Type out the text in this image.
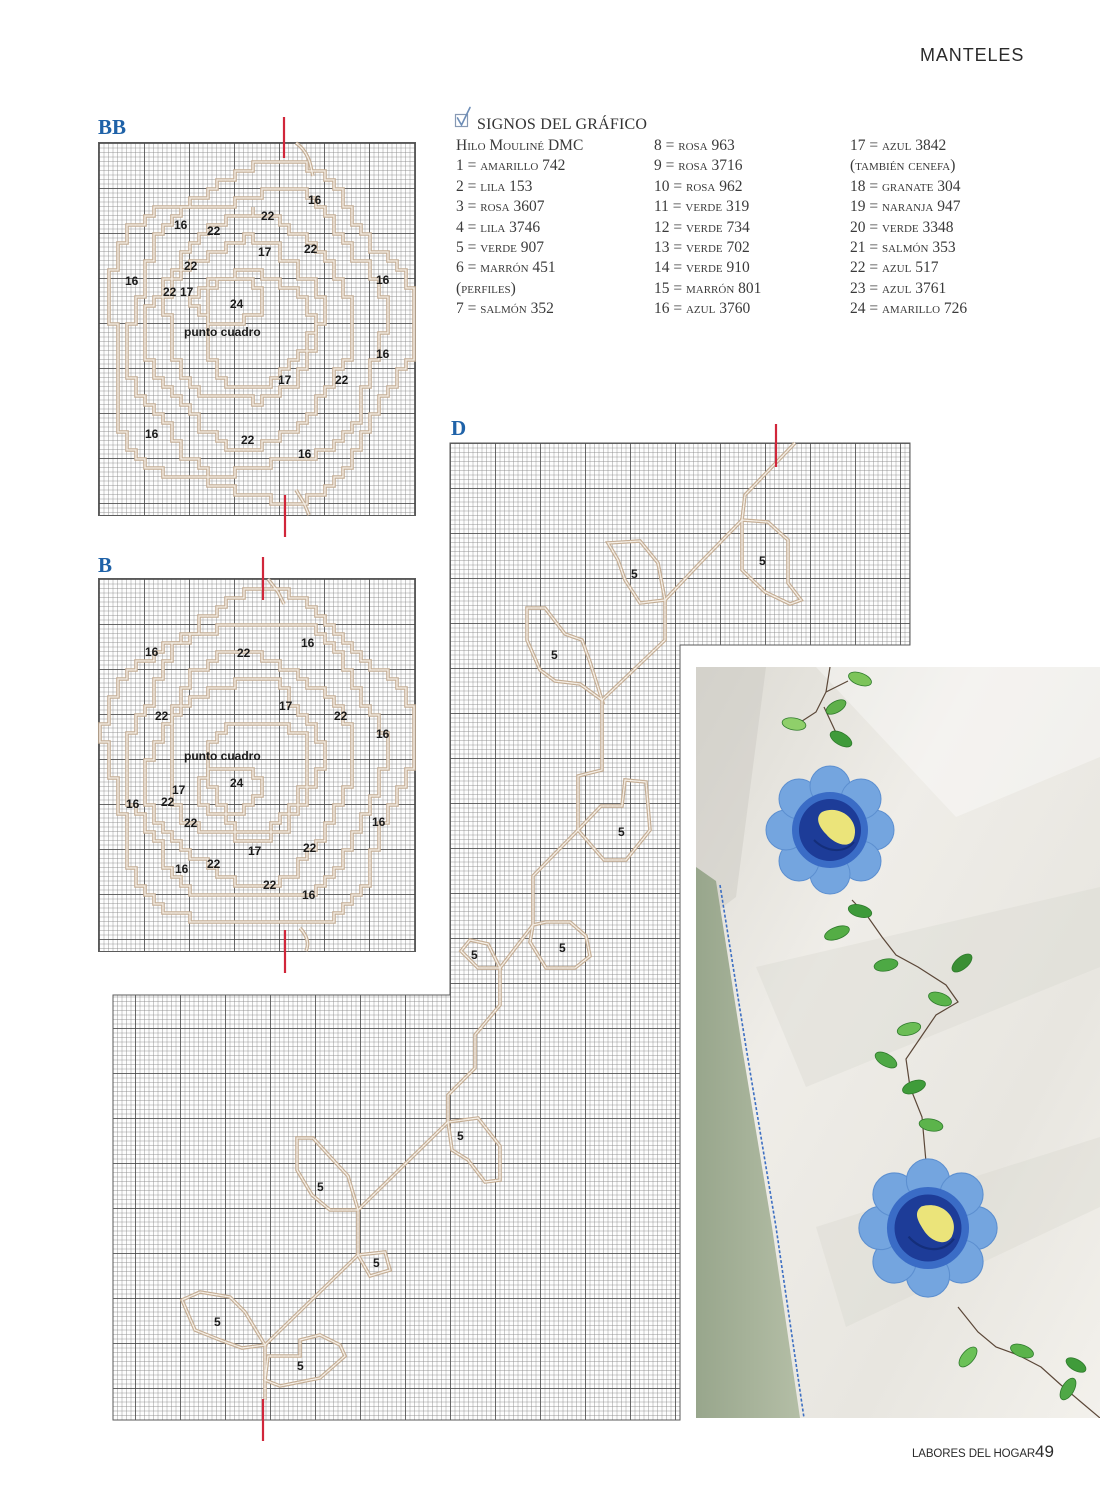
MANTELES
BB
B
D
16
22
16 22
17	22
22
16	16
22 17
24
punto cuadro
16
17	22
16	22
16
16
16	22
17
22	22
16
punto cuadro
24
17
16 22
22	16
17	22
16 22
22
16
5
5
5
5
5
5
5
5
5
5
5
SIGNOS DEL GRÁFICO
Hilo Mouliné DMC
1 = amarillo 742
2 = lila 153
3 = rosa 3607
4 = lila 3746
5 = verde 907
6 = marrón 451
(perfiles)
7 = salmón 352
8 = rosa 963
9 = rosa 3716
10 = rosa 962
11 = verde 319
12 = verde 734
13 = verde 702
14 = verde 910
15 = marrón 801
16 = azul 3760
17 = azul 3842
(también cenefa)
18 = granate 304
19 = naranja 947
20 = verde 3348
21 = salmón 353
22 = azul 517
23 = azul 3761
24 = amarillo 726
LABORES DEL HOGAR 49
